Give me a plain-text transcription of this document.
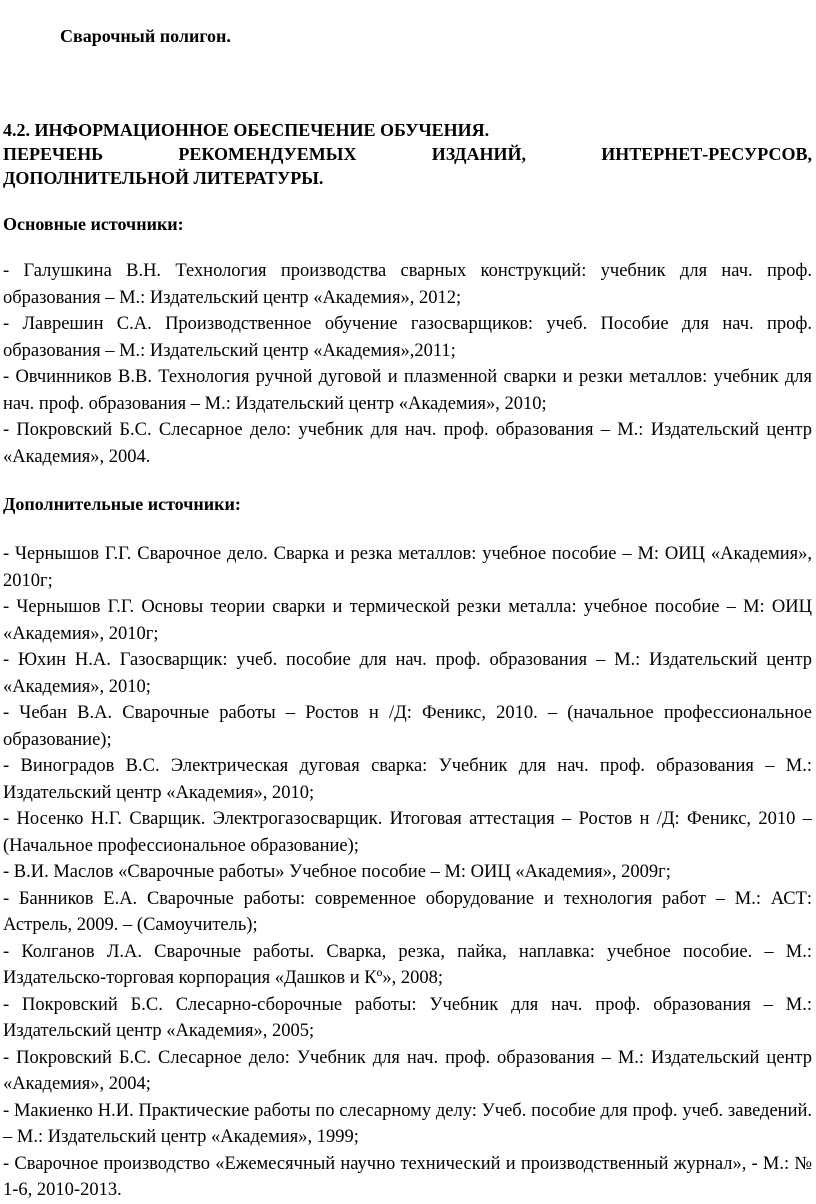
Сварочный полигон.

4.2. ИНФОРМАЦИОННОЕ ОБЕСПЕЧЕНИЕ ОБУЧЕНИЯ.
ПЕРЕЧЕНЬ РЕКОМЕНДУЕМЫХ ИЗДАНИЙ, ИНТЕРНЕТ-РЕСУРСОВ,
ДОПОЛНИТЕЛЬНОЙ ЛИТЕРАТУРЫ.

Основные источники:

- Галушкина В.Н. Технология производства сварных конструкций: учебник для нач. проф. образования – М.: Издательский центр «Академия», 2012;
- Лаврешин С.А. Производственное обучение газосварщиков: учеб. Пособие для нач. проф. образования – М.: Издательский центр «Академия»,2011;
- Овчинников В.В. Технология ручной дуговой и плазменной сварки и резки металлов: учебник для нач. проф. образования – М.: Издательский центр «Академия», 2010;
- Покровский Б.С. Слесарное дело: учебник для нач. проф. образования – М.: Издательский центр «Академия», 2004.

Дополнительные источники:

- Чернышов Г.Г. Сварочное дело. Сварка и резка металлов: учебное пособие – М: ОИЦ «Академия», 2010г;
- Чернышов Г.Г. Основы теории сварки и термической резки металла: учебное пособие – М: ОИЦ «Академия», 2010г;
- Юхин Н.А. Газосварщик: учеб. пособие для нач. проф. образования – М.: Издательский центр «Академия», 2010;
- Чебан В.А. Сварочные работы – Ростов н /Д: Феникс, 2010. – (начальное профессиональное образование);
- Виноградов В.С. Электрическая дуговая сварка: Учебник для нач. проф. образования – М.: Издательский центр «Академия», 2010;
- Носенко Н.Г. Сварщик. Электрогазосварщик. Итоговая аттестация – Ростов н /Д: Феникс, 2010 – (Начальное профессиональное образование);
- В.И. Маслов «Сварочные работы» Учебное пособие – М: ОИЦ «Академия», 2009г;
- Банников Е.А. Сварочные работы: современное оборудование и технология работ – М.: АСТ: Астрель, 2009. – (Самоучитель);
- Колганов Л.А. Сварочные работы. Сварка, резка, пайка, наплавка: учебное пособие. – М.: Издательско-торговая корпорация «Дашков и Кº», 2008;
- Покровский Б.С. Слесарно-сборочные работы: Учебник для нач. проф. образования – М.: Издательский центр «Академия», 2005;
- Покровский Б.С. Слесарное дело: Учебник для нач. проф. образования – М.: Издательский центр «Академия», 2004;
- Макиенко Н.И. Практические работы по слесарному делу: Учеб. пособие для проф. учеб. заведений. – М.: Издательский центр «Академия», 1999;
- Сварочное производство «Ежемесячный научно технический и производственный журнал», - М.: № 1-6, 2010-2013.
